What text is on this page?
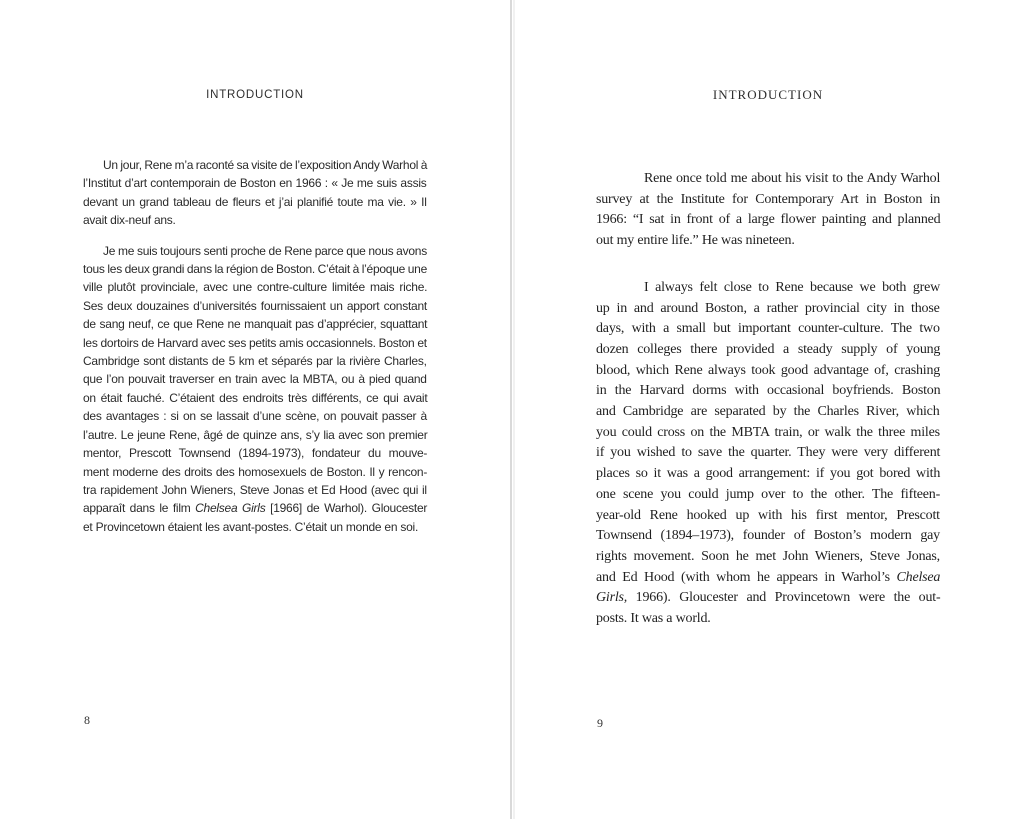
INTRODUCTION
Un jour, Rene m’a raconté sa visite de l’exposition Andy Warhol à
l’Institut d’art contemporain de Boston en 1966 : « Je me suis assis
devant un grand tableau de fleurs et j’ai planifié toute ma vie. » Il
avait dix-neuf ans.
Je me suis toujours senti proche de Rene parce que nous avons
tous les deux grandi dans la région de Boston. C’était à l’époque une
ville plutôt provinciale, avec une contre-culture limitée mais riche.
Ses deux douzaines d’universités fournissaient un apport constant
de sang neuf, ce que Rene ne manquait pas d’apprécier, squattant
les dortoirs de Harvard avec ses petits amis occasionnels. Boston et
Cambridge sont distants de 5 km et séparés par la rivière Charles,
que l’on pouvait traverser en train avec la MBTA, ou à pied quand
on était fauché. C’étaient des endroits très différents, ce qui avait
des avantages : si on se lassait d’une scène, on pouvait passer à
l’autre. Le jeune Rene, âgé de quinze ans, s’y lia avec son premier
mentor, Prescott Townsend (1894-1973), fondateur du mouve-
ment moderne des droits des homosexuels de Boston. Il y rencon-
tra rapidement John Wieners, Steve Jonas et Ed Hood (avec qui il
apparaît dans le film Chelsea Girls [1966] de Warhol). Gloucester
et Provincetown étaient les avant-postes. C’était un monde en soi.
8
INTRODUCTION
Rene once told me about his visit to the Andy Warhol
survey at the Institute for Contemporary Art in Boston in
1966: “I sat in front of a large flower painting and planned
out my entire life.” He was nineteen.
I always felt close to Rene because we both grew
up in and around Boston, a rather provincial city in those
days, with a small but important counter-culture. The two
dozen colleges there provided a steady supply of young
blood, which Rene always took good advantage of, crashing
in the Harvard dorms with occasional boyfriends. Boston
and Cambridge are separated by the Charles River, which
you could cross on the MBTA train, or walk the three miles
if you wished to save the quarter. They were very different
places so it was a good arrangement: if you got bored with
one scene you could jump over to the other. The fifteen-
year-old Rene hooked up with his first mentor, Prescott
Townsend (1894–1973), founder of Boston’s modern gay
rights movement. Soon he met John Wieners, Steve Jonas,
and Ed Hood (with whom he appears in Warhol’s Chelsea
Girls, 1966). Gloucester and Provincetown were the out-
posts. It was a world.
9
